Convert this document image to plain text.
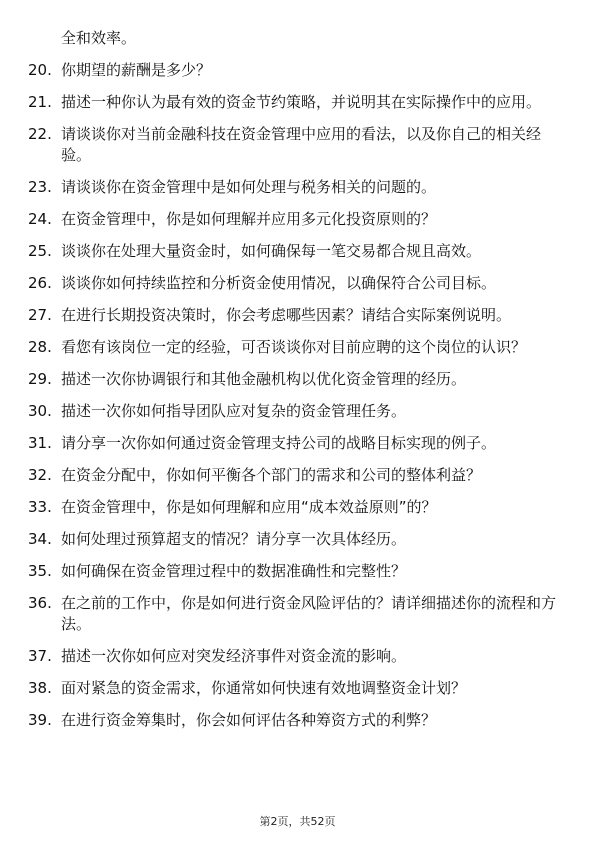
全和效率。
20. 你期望的薪酬是多少？
21. 描述一种你认为最有效的资金节约策略，并说明其在实际操作中的应用。
22. 请谈谈你对当前金融科技在资金管理中应用的看法，以及你自己的相关经验。
23. 请谈谈你在资金管理中是如何处理与税务相关的问题的。
24. 在资金管理中，你是如何理解并应用多元化投资原则的？
25. 谈谈你在处理大量资金时，如何确保每一笔交易都合规且高效。
26. 谈谈你如何持续监控和分析资金使用情况，以确保符合公司目标。
27. 在进行长期投资决策时，你会考虑哪些因素？请结合实际案例说明。
28. 看您有该岗位一定的经验，可否谈谈你对目前应聘的这个岗位的认识？
29. 描述一次你协调银行和其他金融机构以优化资金管理的经历。
30. 描述一次你如何指导团队应对复杂的资金管理任务。
31. 请分享一次你如何通过资金管理支持公司的战略目标实现的例子。
32. 在资金分配中，你如何平衡各个部门的需求和公司的整体利益？
33. 在资金管理中，你是如何理解和应用“成本效益原则”的？
34. 如何处理过预算超支的情况？请分享一次具体经历。
35. 如何确保在资金管理过程中的数据准确性和完整性？
36. 在之前的工作中，你是如何进行资金风险评估的？请详细描述你的流程和方法。
37. 描述一次你如何应对突发经济事件对资金流的影响。
38. 面对紧急的资金需求，你通常如何快速有效地调整资金计划？
39. 在进行资金筹集时，你会如何评估各种筹资方式的利弊？
第2页，共52页
